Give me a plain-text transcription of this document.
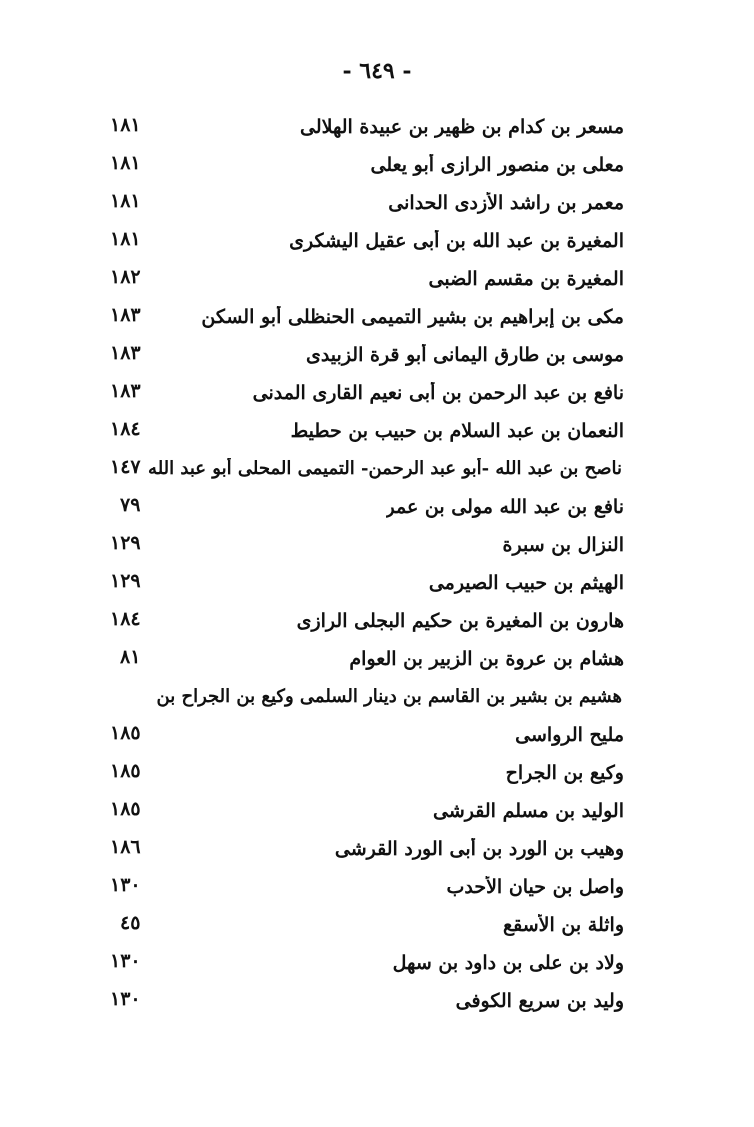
- ٦٤٩ -
مسعر بن كدام بن ظهير بن عبيدة الهلالى
١٨١
معلى بن منصور الرازى أبو يعلى
١٨١
معمر بن راشد الأزدى الحدانى
١٨١
المغيرة بن عبد الله بن أبى عقيل اليشكرى
١٨١
المغيرة بن مقسم الضبى
١٨٢
مكى بن إبراهيم بن بشير التميمى الحنظلى أبو السكن
١٨٣
موسى بن طارق اليمانى أبو قرة الزبيدى
١٨٣
نافع بن عبد الرحمن بن أبى نعيم القارى المدنى
١٨٣
النعمان بن عبد السلام بن حبيب بن حطيط
١٨٤
ناصح بن عبد الله -أبو عبد الرحمن- التميمى المحلى أبو عبد الله
١٤٧
نافع بن عبد الله مولى بن عمر
٧٩
النزال بن سبرة
١٢٩
الهيثم بن حبيب الصيرمى
١٢٩
هارون بن المغيرة بن حكيم البجلى الرازى
١٨٤
هشام بن عروة بن الزبير بن العوام
٨١
هشيم بن بشير بن القاسم بن دينار السلمى وكيع بن الجراح بن
مليح الرواسى
١٨٥
وكيع بن الجراح
١٨٥
الوليد بن مسلم القرشى
١٨٥
وهيب بن الورد بن أبى الورد القرشى
١٨٦
واصل بن حيان الأحدب
١٣٠
واثلة بن الأسقع
٤٥
ولاد بن على بن داود بن سهل
١٣٠
وليد بن سريع الكوفى
١٣٠
